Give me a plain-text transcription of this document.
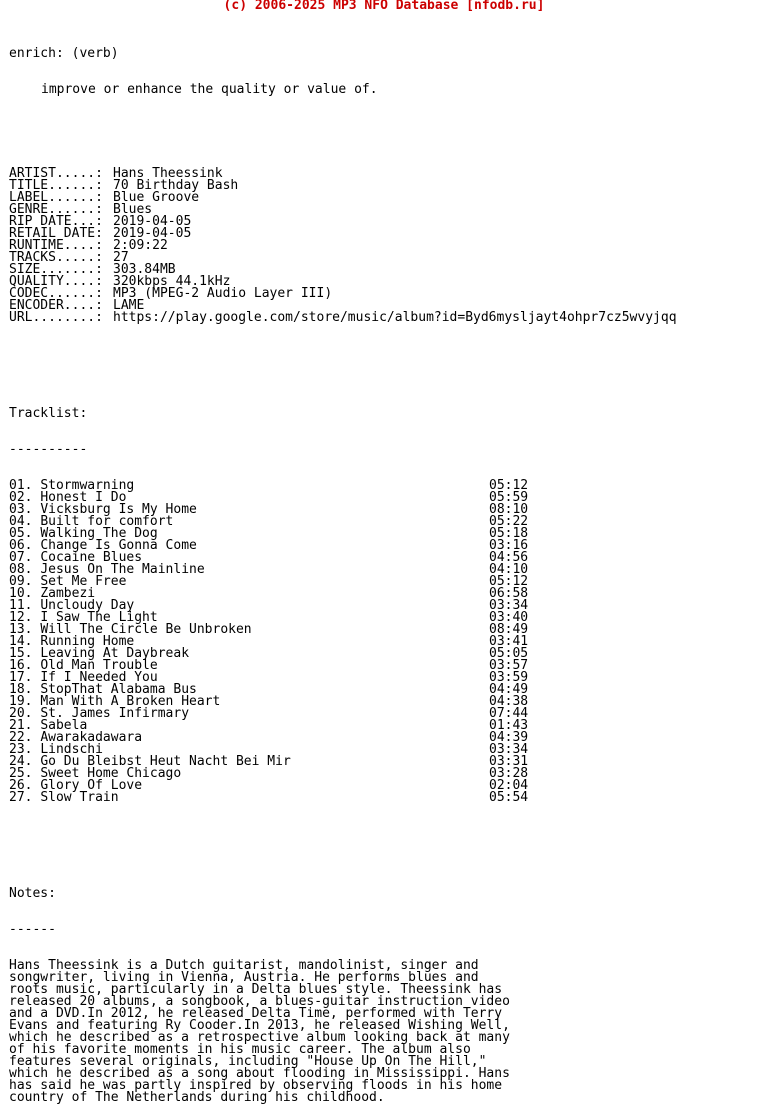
(c) 2006-2025 MP3 NFO Database [nfodb.ru]

enrich: (verb)

improve or enhance the quality or value of.

ARTIST.....: Hans Theessink
TITLE......: 70 Birthday Bash
LABEL......: Blue Groove
GENRE......: Blues
RIP DATE...: 2019-04-05
RETAIL DATE: 2019-04-05
RUNTIME....: 2:09:22
TRACKS.....: 27
SIZE.......: 303.84MB
QUALITY....: 320kbps 44.1kHz
CODEC......: MP3 (MPEG-2 Audio Layer III)
ENCODER....: LAME
URL........: https://play.google.com/store/music/album?id=Byd6mysljayt4ohpr7cz5wvyjqq

Tracklist:

----------

01. Stormwarning	05:12
02. Honest I Do	05:59
03. Vicksburg Is My Home	08:10
04. Built for comfort	05:22
05. Walking The Dog	05:18
06. Change Is Gonna Come	03:16
07. Cocaine Blues	04:56
08. Jesus On The Mainline	04:10
09. Set Me Free	05:12
10. Zambezi	06:58
11. Uncloudy Day	03:34
12. I Saw The Light	03:40
13. Will The Circle Be Unbroken	08:49
14. Running Home	03:41
15. Leaving At Daybreak	05:05
16. Old Man Trouble	03:57
17. If I Needed You	03:59
18. StopThat Alabama Bus	04:49
19. Man With A Broken Heart	04:38
20. St. James Infirmary	07:44
21. Sabela	01:43
22. Awarakadawara	04:39
23. Lindschi	03:34
24. Go Du Bleibst Heut Nacht Bei Mir	03:31
25. Sweet Home Chicago	03:28
26. Glory Of Love	02:04
27. Slow Train	05:54

Notes:

------

Hans Theessink is a Dutch guitarist, mandolinist, singer and
songwriter, living in Vienna, Austria. He performs blues and
roots music, particularly in a Delta blues style. Theessink has
released 20 albums, a songbook, a blues-guitar instruction video
and a DVD.In 2012, he released Delta Time, performed with Terry
Evans and featuring Ry Cooder.In 2013, he released Wishing Well,
which he described as a retrospective album looking back at many
of his favorite moments in his music career. The album also
features several originals, including "House Up On The Hill,"
which he described as a song about flooding in Mississippi. Hans
has said he was partly inspired by observing floods in his home
country of The Netherlands during his childhood.
